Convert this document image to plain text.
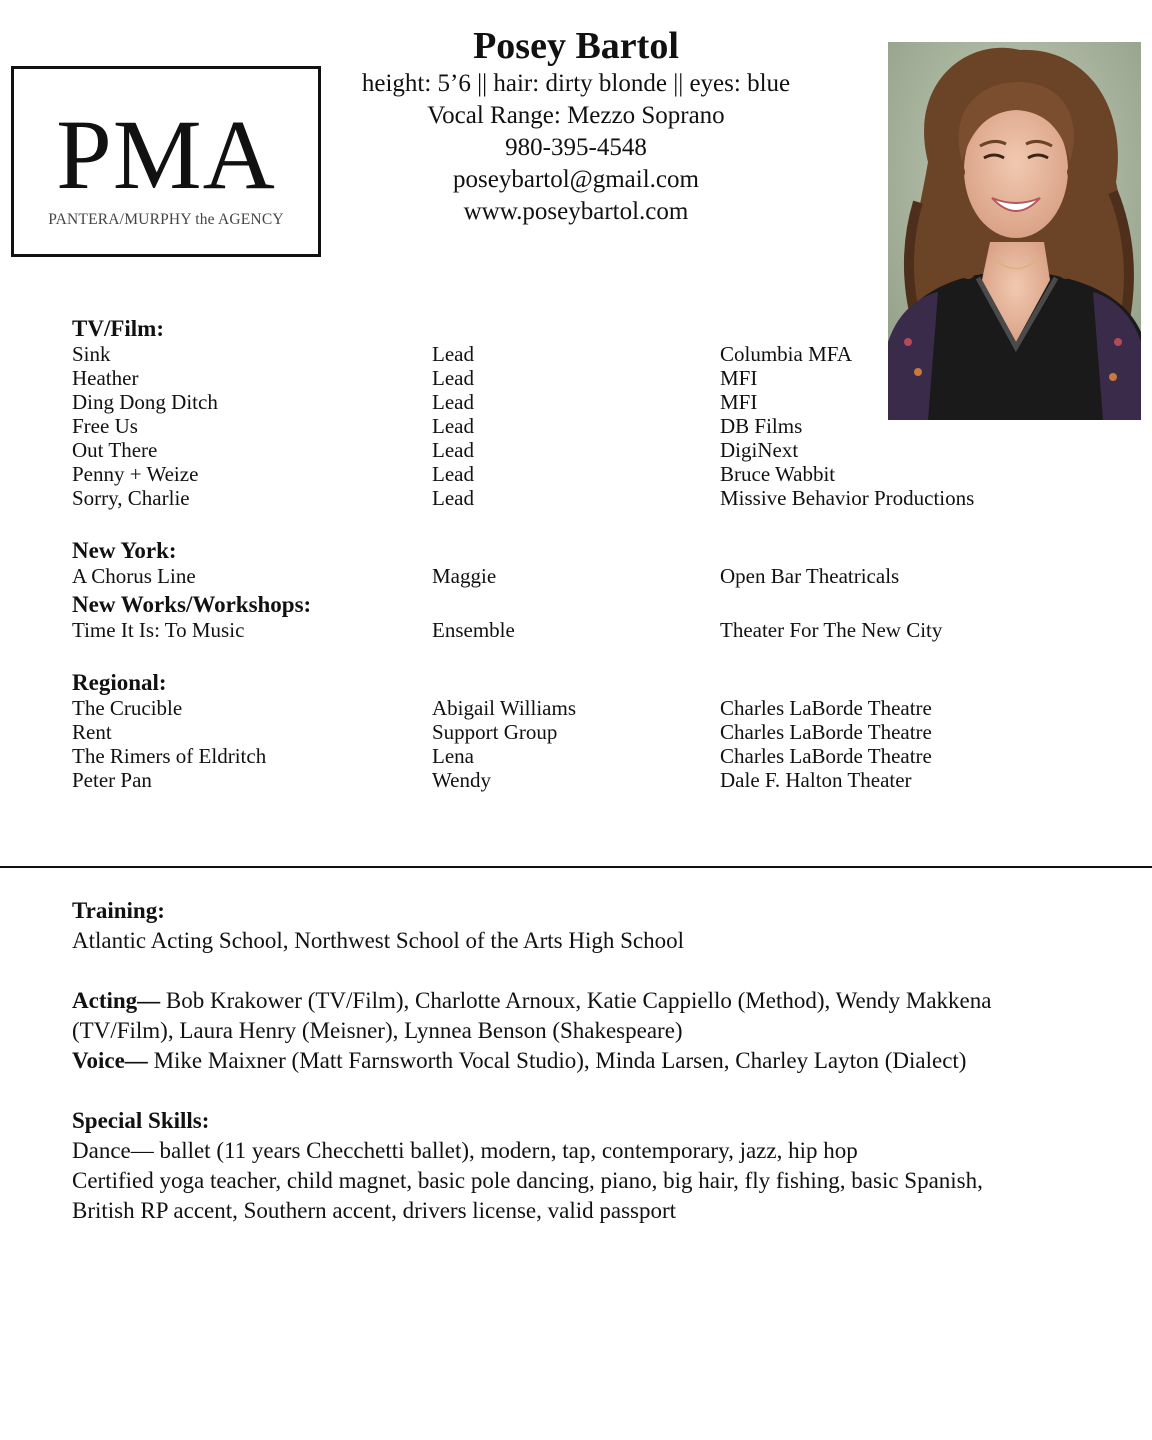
PMA
PANTERA/MURPHY the AGENCY
Posey Bartol
height: 5’6 || hair: dirty blonde || eyes: blue
Vocal Range: Mezzo Soprano
980-395-4548
poseybartol@gmail.com
www.poseybartol.com
TV/Film:
Sink	Lead	Columbia MFA
Heather	Lead	MFI
Ding Dong Ditch	Lead	MFI
Free Us	Lead	DB Films
Out There	Lead	DigiNext
Penny + Weize	Lead	Bruce Wabbit
Sorry, Charlie	Lead	Missive Behavior Productions
New York:
A Chorus Line	Maggie	Open Bar Theatricals
New Works/Workshops:
Time It Is: To Music	Ensemble	Theater For The New City
Regional:
The Crucible	Abigail Williams	Charles LaBorde Theatre
Rent	Support Group	Charles LaBorde Theatre
The Rimers of Eldritch	Lena	Charles LaBorde Theatre
Peter Pan	Wendy	Dale F. Halton Theater
Training:
Atlantic Acting School, Northwest School of the Arts High School
Acting— Bob Krakower (TV/Film), Charlotte Arnoux, Katie Cappiello (Method), Wendy Makkena
(TV/Film), Laura Henry (Meisner), Lynnea Benson (Shakespeare)
Voice— Mike Maixner (Matt Farnsworth Vocal Studio), Minda Larsen, Charley Layton (Dialect)
Special Skills:
Dance— ballet (11 years Checchetti ballet), modern, tap, contemporary, jazz, hip hop
Certified yoga teacher, child magnet, basic pole dancing, piano, big hair, fly fishing, basic Spanish,
British RP accent, Southern accent, drivers license, valid passport
